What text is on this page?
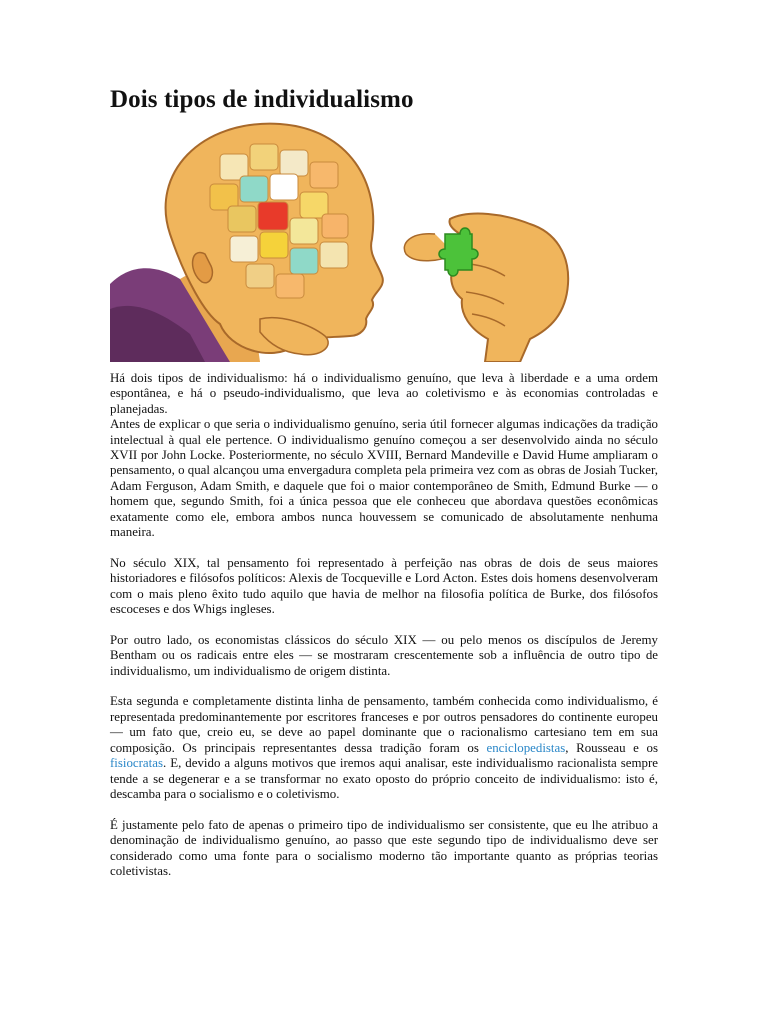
Dois tipos de individualismo

Há dois tipos de individualismo: há o individualismo genuíno, que leva à liberdade e a uma ordem espontânea, e há o pseudo-individualismo, que leva ao coletivismo e às economias controladas e planejadas.

Antes de explicar o que seria o individualismo genuíno, seria útil fornecer algumas indicações da tradição intelectual à qual ele pertence. O individualismo genuíno começou a ser desenvolvido ainda no século XVII por John Locke. Posteriormente, no século XVIII, Bernard Mandeville e David Hume ampliaram o pensamento, o qual alcançou uma envergadura completa pela primeira vez com as obras de Josiah Tucker, Adam Ferguson, Adam Smith, e daquele que foi o maior contemporâneo de Smith, Edmund Burke — o homem que, segundo Smith, foi a única pessoa que ele conheceu que abordava questões econômicas exatamente como ele, embora ambos nunca houvessem se comunicado de absolutamente nenhuma maneira.

No século XIX, tal pensamento foi representado à perfeição nas obras de dois de seus maiores historiadores e filósofos políticos: Alexis de Tocqueville e Lord Acton. Estes dois homens desenvolveram com o mais pleno êxito tudo aquilo que havia de melhor na filosofia política de Burke, dos filósofos escoceses e dos Whigs ingleses.

Por outro lado, os economistas clássicos do século XIX — ou pelo menos os discípulos de Jeremy Bentham ou os radicais entre eles — se mostraram crescentemente sob a influência de outro tipo de individualismo, um individualismo de origem distinta.

Esta segunda e completamente distinta linha de pensamento, também conhecida como individualismo, é representada predominantemente por escritores franceses e por outros pensadores do continente europeu — um fato que, creio eu, se deve ao papel dominante que o racionalismo cartesiano tem em sua composição. Os principais representantes dessa tradição foram os enciclopedistas, Rousseau e os fisiocratas. E, devido a alguns motivos que iremos aqui analisar, este individualismo racionalista sempre tende a se degenerar e a se transformar no exato oposto do próprio conceito de individualismo: isto é, descamba para o socialismo e o coletivismo.

É justamente pelo fato de apenas o primeiro tipo de individualismo ser consistente, que eu lhe atribuo a denominação de individualismo genuíno, ao passo que este segundo tipo de individualismo deve ser considerado como uma fonte para o socialismo moderno tão importante quanto as próprias teorias coletivistas.
